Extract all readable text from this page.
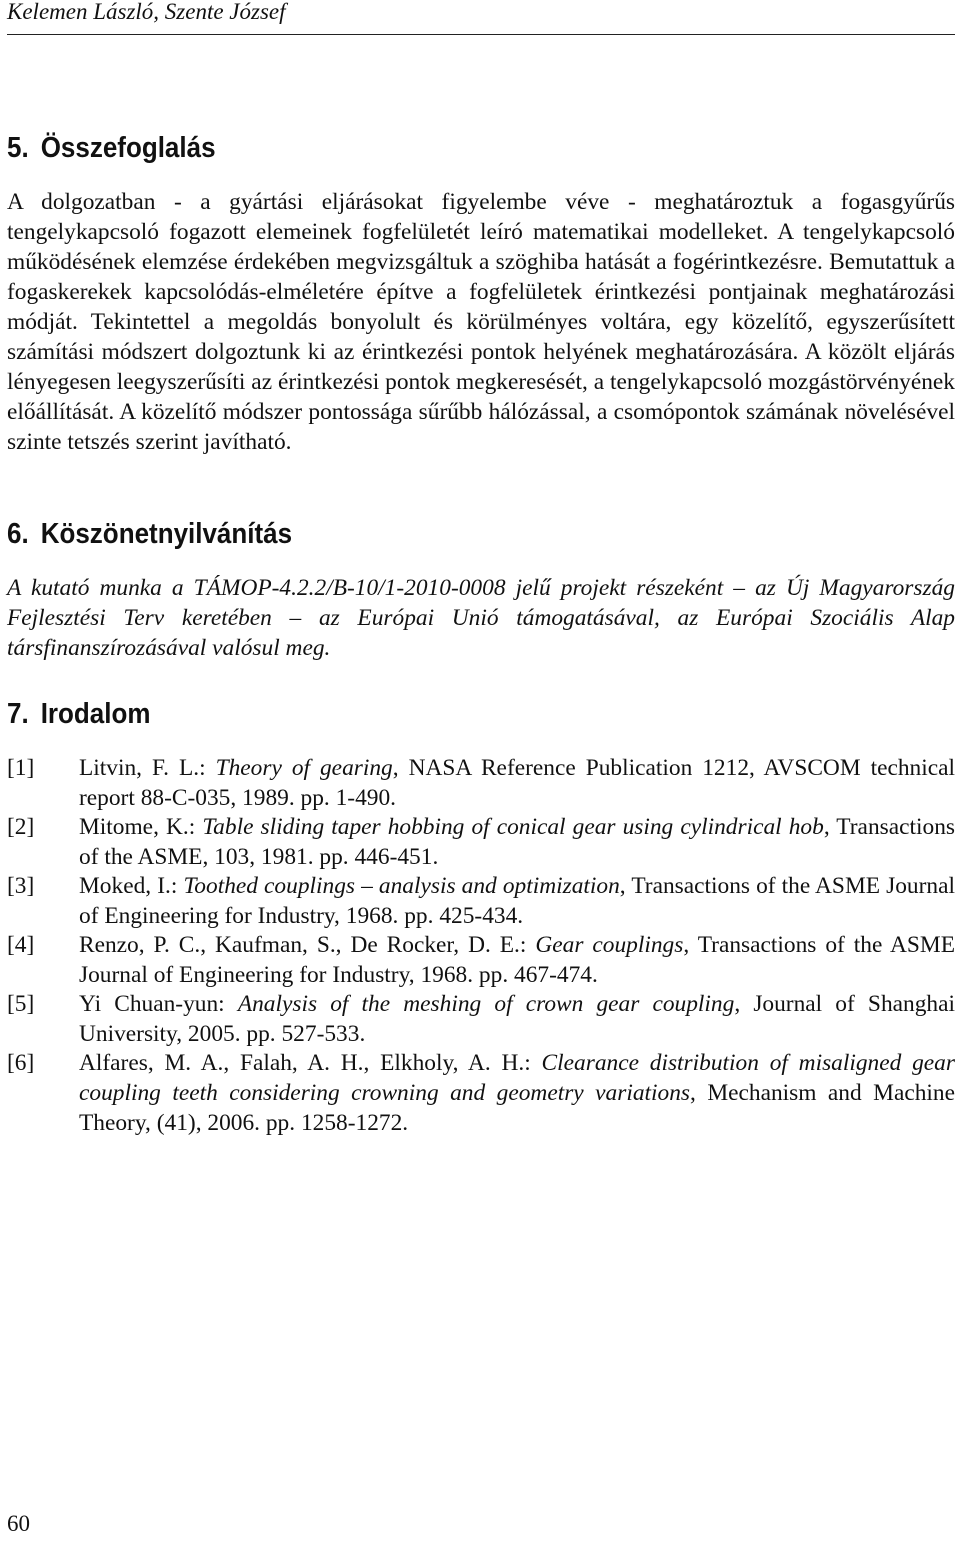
Kelemen László, Szente József
5. Összefoglalás

A dolgozatban - a gyártási eljárásokat figyelembe véve - meghatároztuk a fogasgyűrűs tengelykapcsoló fogazott elemeinek fogfelületét leíró matematikai modelleket. A tengelykapcsoló működésének elemzése érdekében megvizsgáltuk a szöghiba hatását a fogérintkezésre. Bemutattuk a fogaskerekek kapcsolódás-elméletére építve a fogfelületek érintkezési pontjainak meghatározási módját. Tekintettel a megoldás bonyolult és körülményes voltára, egy közelítő, egyszerűsített számítási módszert dolgoztunk ki az érintkezési pontok helyének meghatározására. A közölt eljárás lényegesen leegyszerűsíti az érintkezési pontok megkeresését, a tengelykapcsoló mozgástörvényének előállítását. A közelítő módszer pontossága sűrűbb hálózással, a csomópontok számának növelésével szinte tetszés szerint javítható.

6. Köszönetnyilvánítás

A kutató munka a TÁMOP-4.2.2/B-10/1-2010-0008 jelű projekt részeként – az Új Magyarország Fejlesztési Terv keretében – az Európai Unió támogatásával, az Európai Szociális Alap társfinanszírozásával valósul meg.

7. Irodalom
[1] Litvin, F. L.: Theory of gearing, NASA Reference Publication 1212, AVSCOM technical report 88-C-035, 1989. pp. 1-490.
[2] Mitome, K.: Table sliding taper hobbing of conical gear using cylindrical hob, Transactions of the ASME, 103, 1981. pp. 446-451.
[3] Moked, I.: Toothed couplings – analysis and optimization, Transactions of the ASME Journal of Engineering for Industry, 1968. pp. 425-434.
[4] Renzo, P. C., Kaufman, S., De Rocker, D. E.: Gear couplings, Transactions of the ASME Journal of Engineering for Industry, 1968. pp. 467-474.
[5] Yi Chuan-yun: Analysis of the meshing of crown gear coupling, Journal of Shanghai University, 2005. pp. 527-533.
[6] Alfares, M. A., Falah, A. H., Elkholy, A. H.: Clearance distribution of misaligned gear coupling teeth considering crowning and geometry variations, Mechanism and Machine Theory, (41), 2006. pp. 1258-1272.
60
